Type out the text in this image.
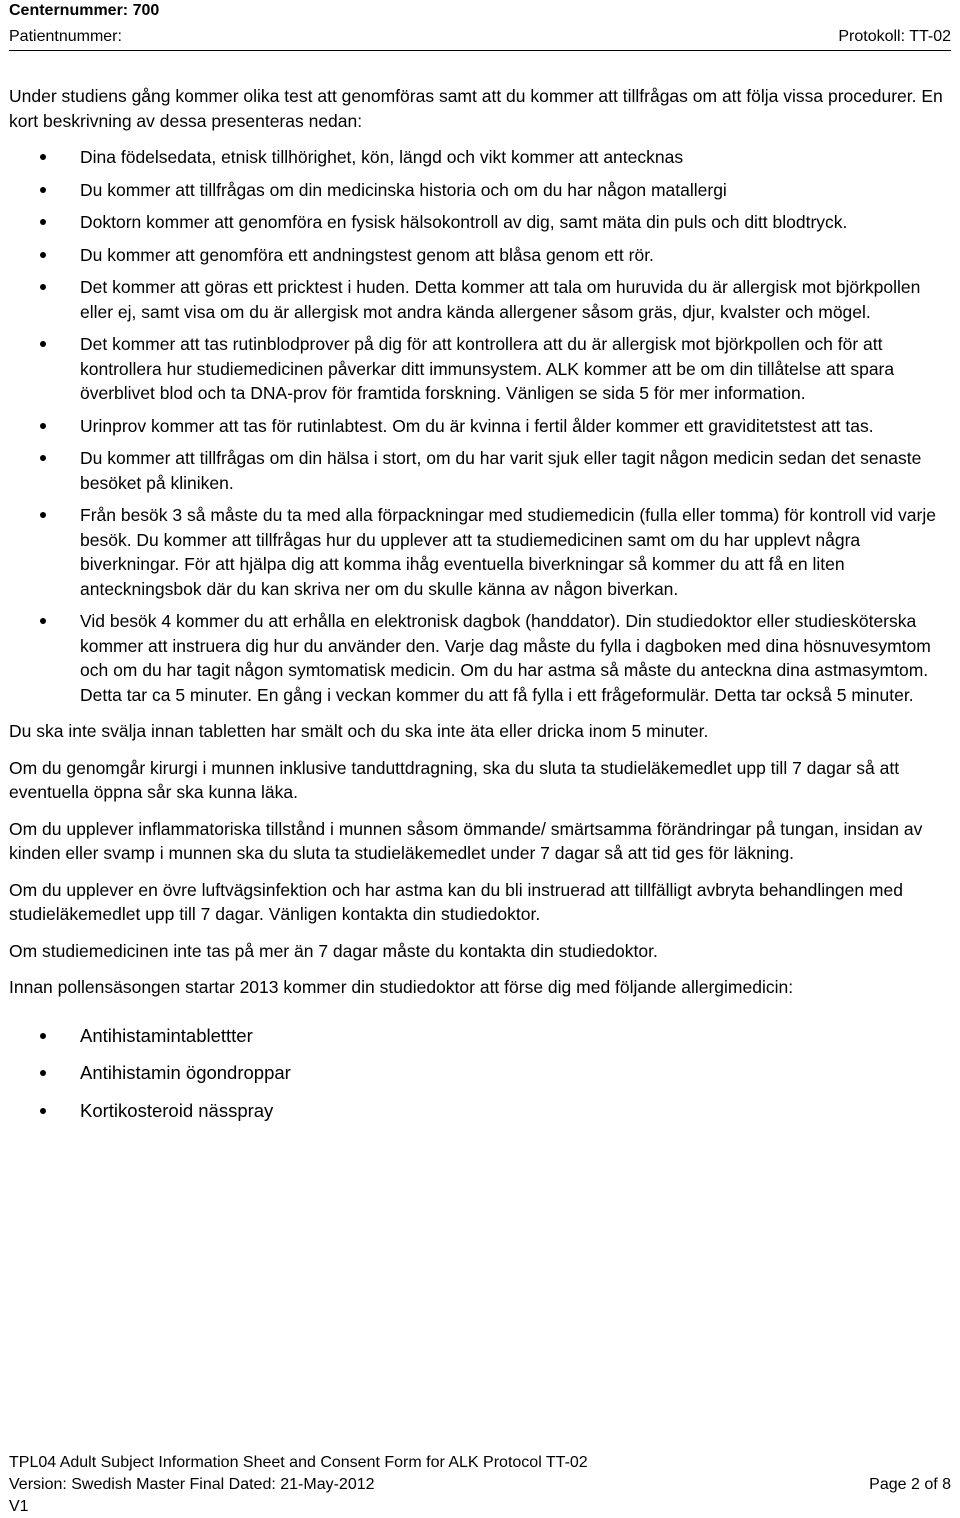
Centernummer: 700
Patientnummer:	Protokoll: TT-02

Under studiens gång kommer olika test att genomföras samt att du kommer att tillfrågas om att följa vissa procedurer. En kort beskrivning av dessa presenteras nedan:

Dina födelsedata, etnisk tillhörighet, kön, längd och vikt kommer att antecknas
Du kommer att tillfrågas om din medicinska historia och om du har någon matallergi
Doktorn kommer att genomföra en fysisk hälsokontroll av dig, samt mäta din puls och ditt blodtryck.
Du kommer att genomföra ett andningstest genom att blåsa genom ett rör.
Det kommer att göras ett pricktest i huden. Detta kommer att tala om huruvida du är allergisk mot björkpollen eller ej, samt visa om du är allergisk mot andra kända allergener såsom gräs, djur, kvalster och mögel.
Det kommer att tas rutinblodprover på dig för att kontrollera att du är allergisk mot björkpollen och för att kontrollera hur studiemedicinen påverkar ditt immunsystem. ALK kommer att be om din tillåtelse att spara överblivet blod och ta DNA-prov för framtida forskning. Vänligen se sida 5 för mer information.
Urinprov kommer att tas för rutinlabtest. Om du är kvinna i fertil ålder kommer ett graviditetstest att tas.
Du kommer att tillfrågas om din hälsa i stort, om du har varit sjuk eller tagit någon medicin sedan det senaste besöket på kliniken.
Från besök 3 så måste du ta med alla förpackningar med studiemedicin (fulla eller tomma) för kontroll vid varje besök. Du kommer att tillfrågas hur du upplever att ta studiemedicinen samt om du har upplevt några biverkningar. För att hjälpa dig att komma ihåg eventuella biverkningar så kommer du att få en liten anteckningsbok där du kan skriva ner om du skulle känna av någon biverkan.
Vid besök 4 kommer du att erhålla en elektronisk dagbok (handdator). Din studiedoktor eller studiesköterska kommer att instruera dig hur du använder den. Varje dag måste du fylla i dagboken med dina hösnuvesymtom och om du har tagit någon symtomatisk medicin. Om du har astma så måste du anteckna dina astmasymtom. Detta tar ca 5 minuter. En gång i veckan kommer du att få fylla i ett frågeformulär. Detta tar också 5 minuter.

Du ska inte svälja innan tabletten har smält och du ska inte äta eller dricka inom 5 minuter.

Om du genomgår kirurgi i munnen inklusive tanduttdragning, ska du sluta ta studieläkemedlet upp till 7 dagar så att eventuella öppna sår ska kunna läka.

Om du upplever inflammatoriska tillstånd i munnen såsom ömmande/ smärtsamma förändringar på tungan, insidan av kinden eller svamp i munnen ska du sluta ta studieläkemedlet under 7 dagar så att tid ges för läkning.

Om du upplever en övre luftvägsinfektion och har astma kan du bli instruerad att tillfälligt avbryta behandlingen med studieläkemedlet upp till 7 dagar. Vänligen kontakta din studiedoktor.

Om studiemedicinen inte tas på mer än 7 dagar måste du kontakta din studiedoktor.

Innan pollensäsongen startar 2013 kommer din studiedoktor att förse dig med följande allergimedicin:

Antihistamintablettter
Antihistamin ögondroppar
Kortikosteroid nässpray
TPL04 Adult Subject Information Sheet and Consent Form for ALK Protocol TT-02
Version: Swedish Master Final Dated: 21-May-2012	Page 2 of 8
V1
